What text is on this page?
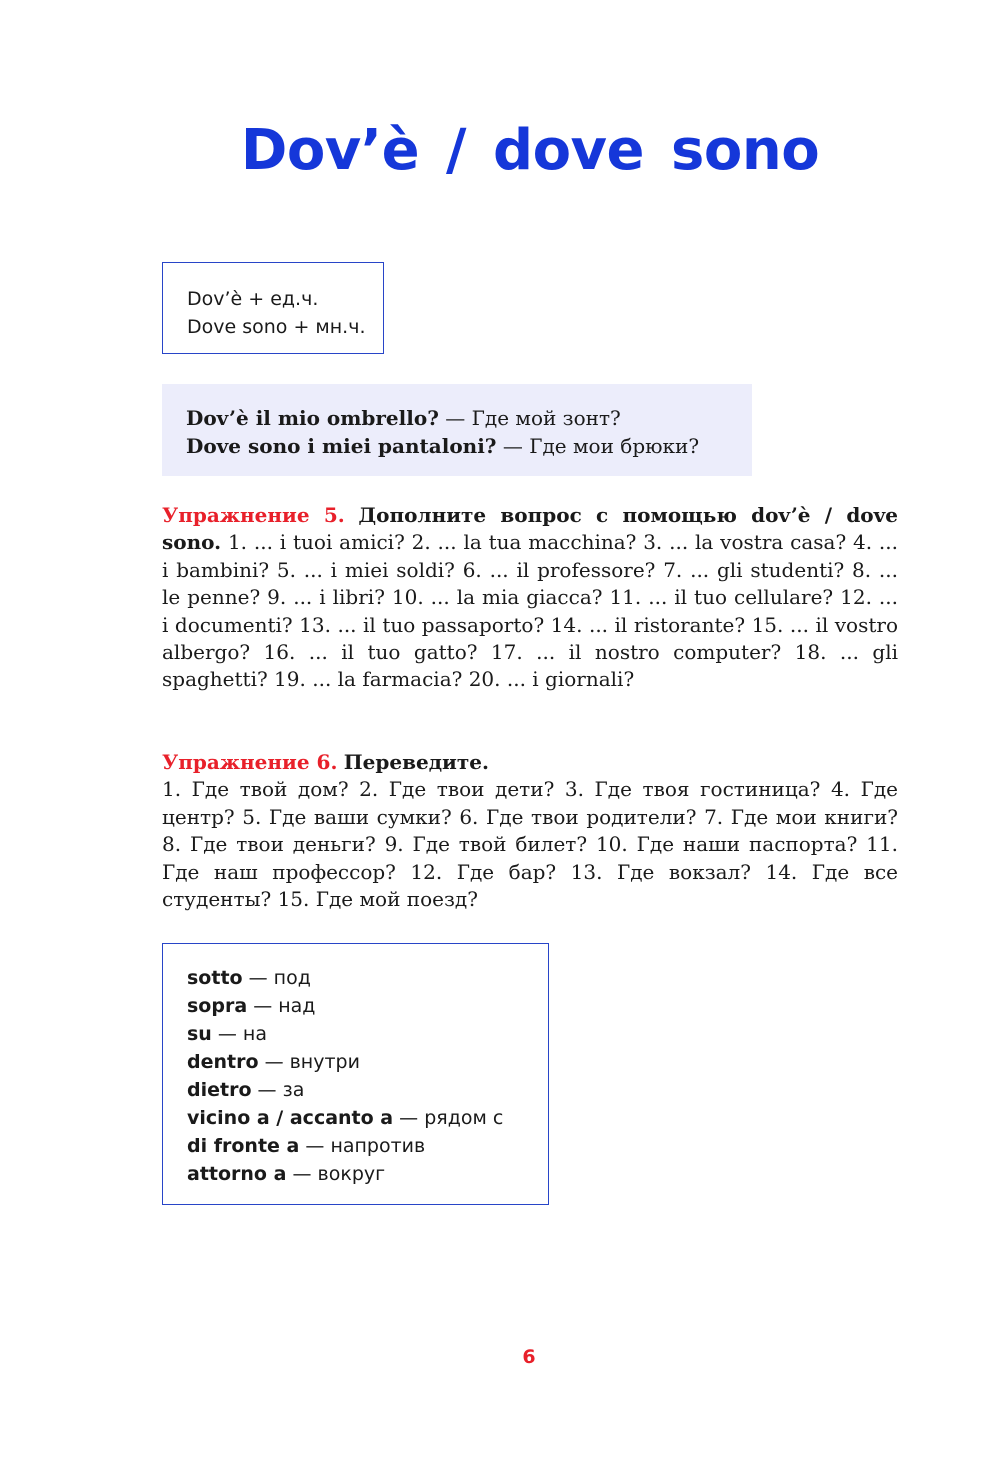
Dov’è / dove sono
Dov’è + ед.ч.
Dove sono + мн.ч.
Dov’è il mio ombrello? — Где мой зонт?
Dove sono i miei pantaloni? — Где мои брюки?
Упражнение 5. Дополните вопрос с помощью dov’è / dove sono. 1. ... i tuoi amici? 2. ... la tua macchina? 3. ... la vostra casa? 4. ... i bambini? 5. ... i miei soldi? 6. ... il professore? 7. ... gli studenti? 8. ... le penne? 9. ... i libri? 10. ... la mia giacca? 11. ... il tuo cellulare? 12. ... i documenti? 13. ... il tuo passaporto? 14. ... il ristorante? 15. ... il vostro albergo? 16. ... il tuo gatto? 17. ... il nostro computer? 18. ... gli spaghetti? 19. ... la farmacia? 20. ... i giornali?
Упражнение 6. Переведите.
1. Где твой дом? 2. Где твои дети? 3. Где твоя гостиница? 4. Где центр? 5. Где ваши сумки? 6. Где твои родители? 7. Где мои книги? 8. Где твои деньги? 9. Где твой билет? 10. Где наши паспорта? 11. Где наш профессор? 12. Где бар? 13. Где вокзал? 14. Где все студенты? 15. Где мой поезд?
sotto — под
sopra — над
su — на
dentro — внутри
dietro — за
vicino a / accanto a — рядом с
di fronte a — напротив
attorno a — вокруг
6
